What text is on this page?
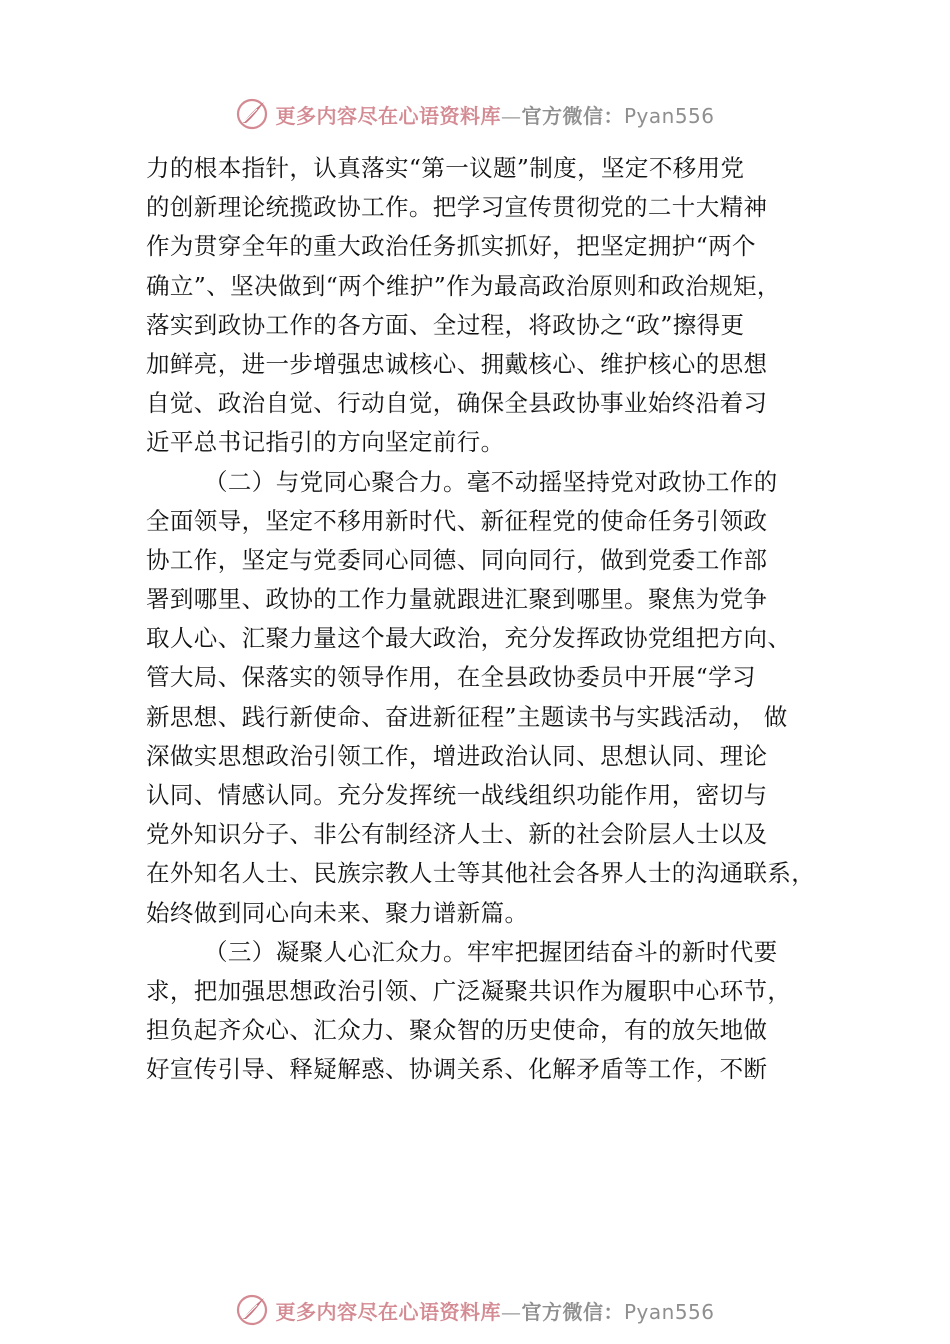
更多内容尽在心语资料库—官方微信：Pyan556
力的根本指针，认真落实“第一议题”制度，坚定不移用党
的创新理论统揽政协工作。把学习宣传贯彻党的二十大精神
作为贯穿全年的重大政治任务抓实抓好，把坚定拥护“两个
确立”、坚决做到“两个维护”作为最高政治原则和政治规矩，
落实到政协工作的各方面、全过程，将政协之“政”擦得更
加鲜亮，进一步增强忠诚核心、拥戴核心、维护核心的思想
自觉、政治自觉、行动自觉，确保全县政协事业始终沿着习
近平总书记指引的方向坚定前行。
（二）与党同心聚合力。毫不动摇坚持党对政协工作的
全面领导，坚定不移用新时代、新征程党的使命任务引领政
协工作，坚定与党委同心同德、同向同行，做到党委工作部
署到哪里、政协的工作力量就跟进汇聚到哪里。聚焦为党争
取人心、汇聚力量这个最大政治，充分发挥政协党组把方向、
管大局、保落实的领导作用，在全县政协委员中开展“学习
新思想、践行新使命、奋进新征程”主题读书与实践活动， 做
深做实思想政治引领工作，增进政治认同、思想认同、理论
认同、情感认同。充分发挥统一战线组织功能作用，密切与
党外知识分子、非公有制经济人士、新的社会阶层人士以及
在外知名人士、民族宗教人士等其他社会各界人士的沟通联系，
始终做到同心向未来、聚力谱新篇。
（三）凝聚人心汇众力。牢牢把握团结奋斗的新时代要
求，把加强思想政治引领、广泛凝聚共识作为履职中心环节，
担负起齐众心、汇众力、聚众智的历史使命，有的放矢地做
好宣传引导、释疑解惑、协调关系、化解矛盾等工作，不断
更多内容尽在心语资料库—官方微信：Pyan556
